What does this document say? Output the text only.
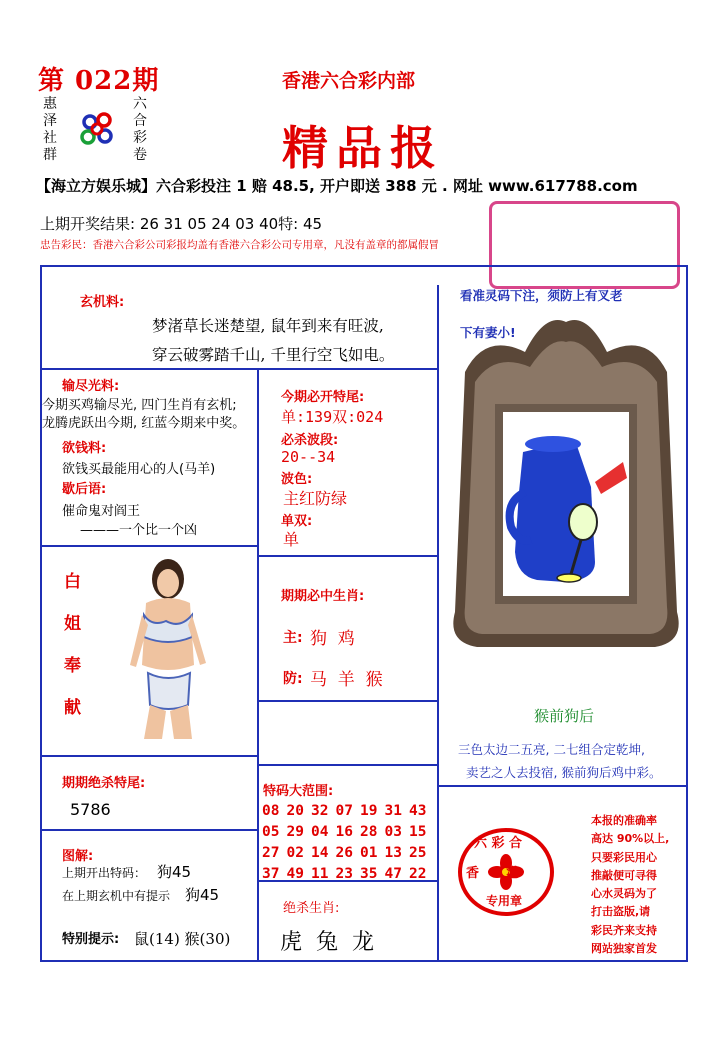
第 022期
惠
泽
社
群
六
合
彩
卷
香港六合彩内部
精品报
【海立方娱乐城】六合彩投注 1 赔 48.5, 开户即送 388 元 . 网址 www.617788.com
上期开奖结果: 26 31 05 24 03 40特: 45
忠告彩民：香港六合彩公司彩报均盖有香港六合彩公司专用章，凡没有盖章的都属假冒
玄机料:
梦渚草长迷楚望, 鼠年到来有旺波,
穿云破雾踏千山, 千里行空飞如电。
输尽光料:
今期买鸡输尽光, 四门生肖有玄机;
龙腾虎跃出今期, 红蓝今期来中奖。
欲钱料:
欲钱买最能用心的人(马羊)
歇后语:
催命鬼对阎王
———一个比一个凶
今期必开特尾:
单:139双:024
必杀波段:
20--34
波色:
主红防绿
单双:
单
期期必中生肖:
主: 狗  鸡
防: 马  羊  猴
白
姐
奉
献
看准灵码下注，须防上有叉老
下有妻小!
猴前狗后
三色太边二五亮, 二七组合定乾坤,
卖艺之人去投宿, 猴前狗后鸡中彩。
期期绝杀特尾:
5786
特码大范围:
08 20 32 07 19 31 43
05 29 04 16 28 03 15
27 02 14 26 01 13 25
37 49 11 23 35 47 22
图解:
上期开出特码： 狗45
在上期玄机中有提示 狗45
特别提示: 鼠(14) 猴(30)
绝杀生肖:
虎  兔  龙
六 彩 合
香      港
专用章
本报的准确率
高达 90%以上,
只要彩民用心
推敲便可寻得
心水灵码为了
打击盗版,请
彩民齐来支持
网站独家首发
